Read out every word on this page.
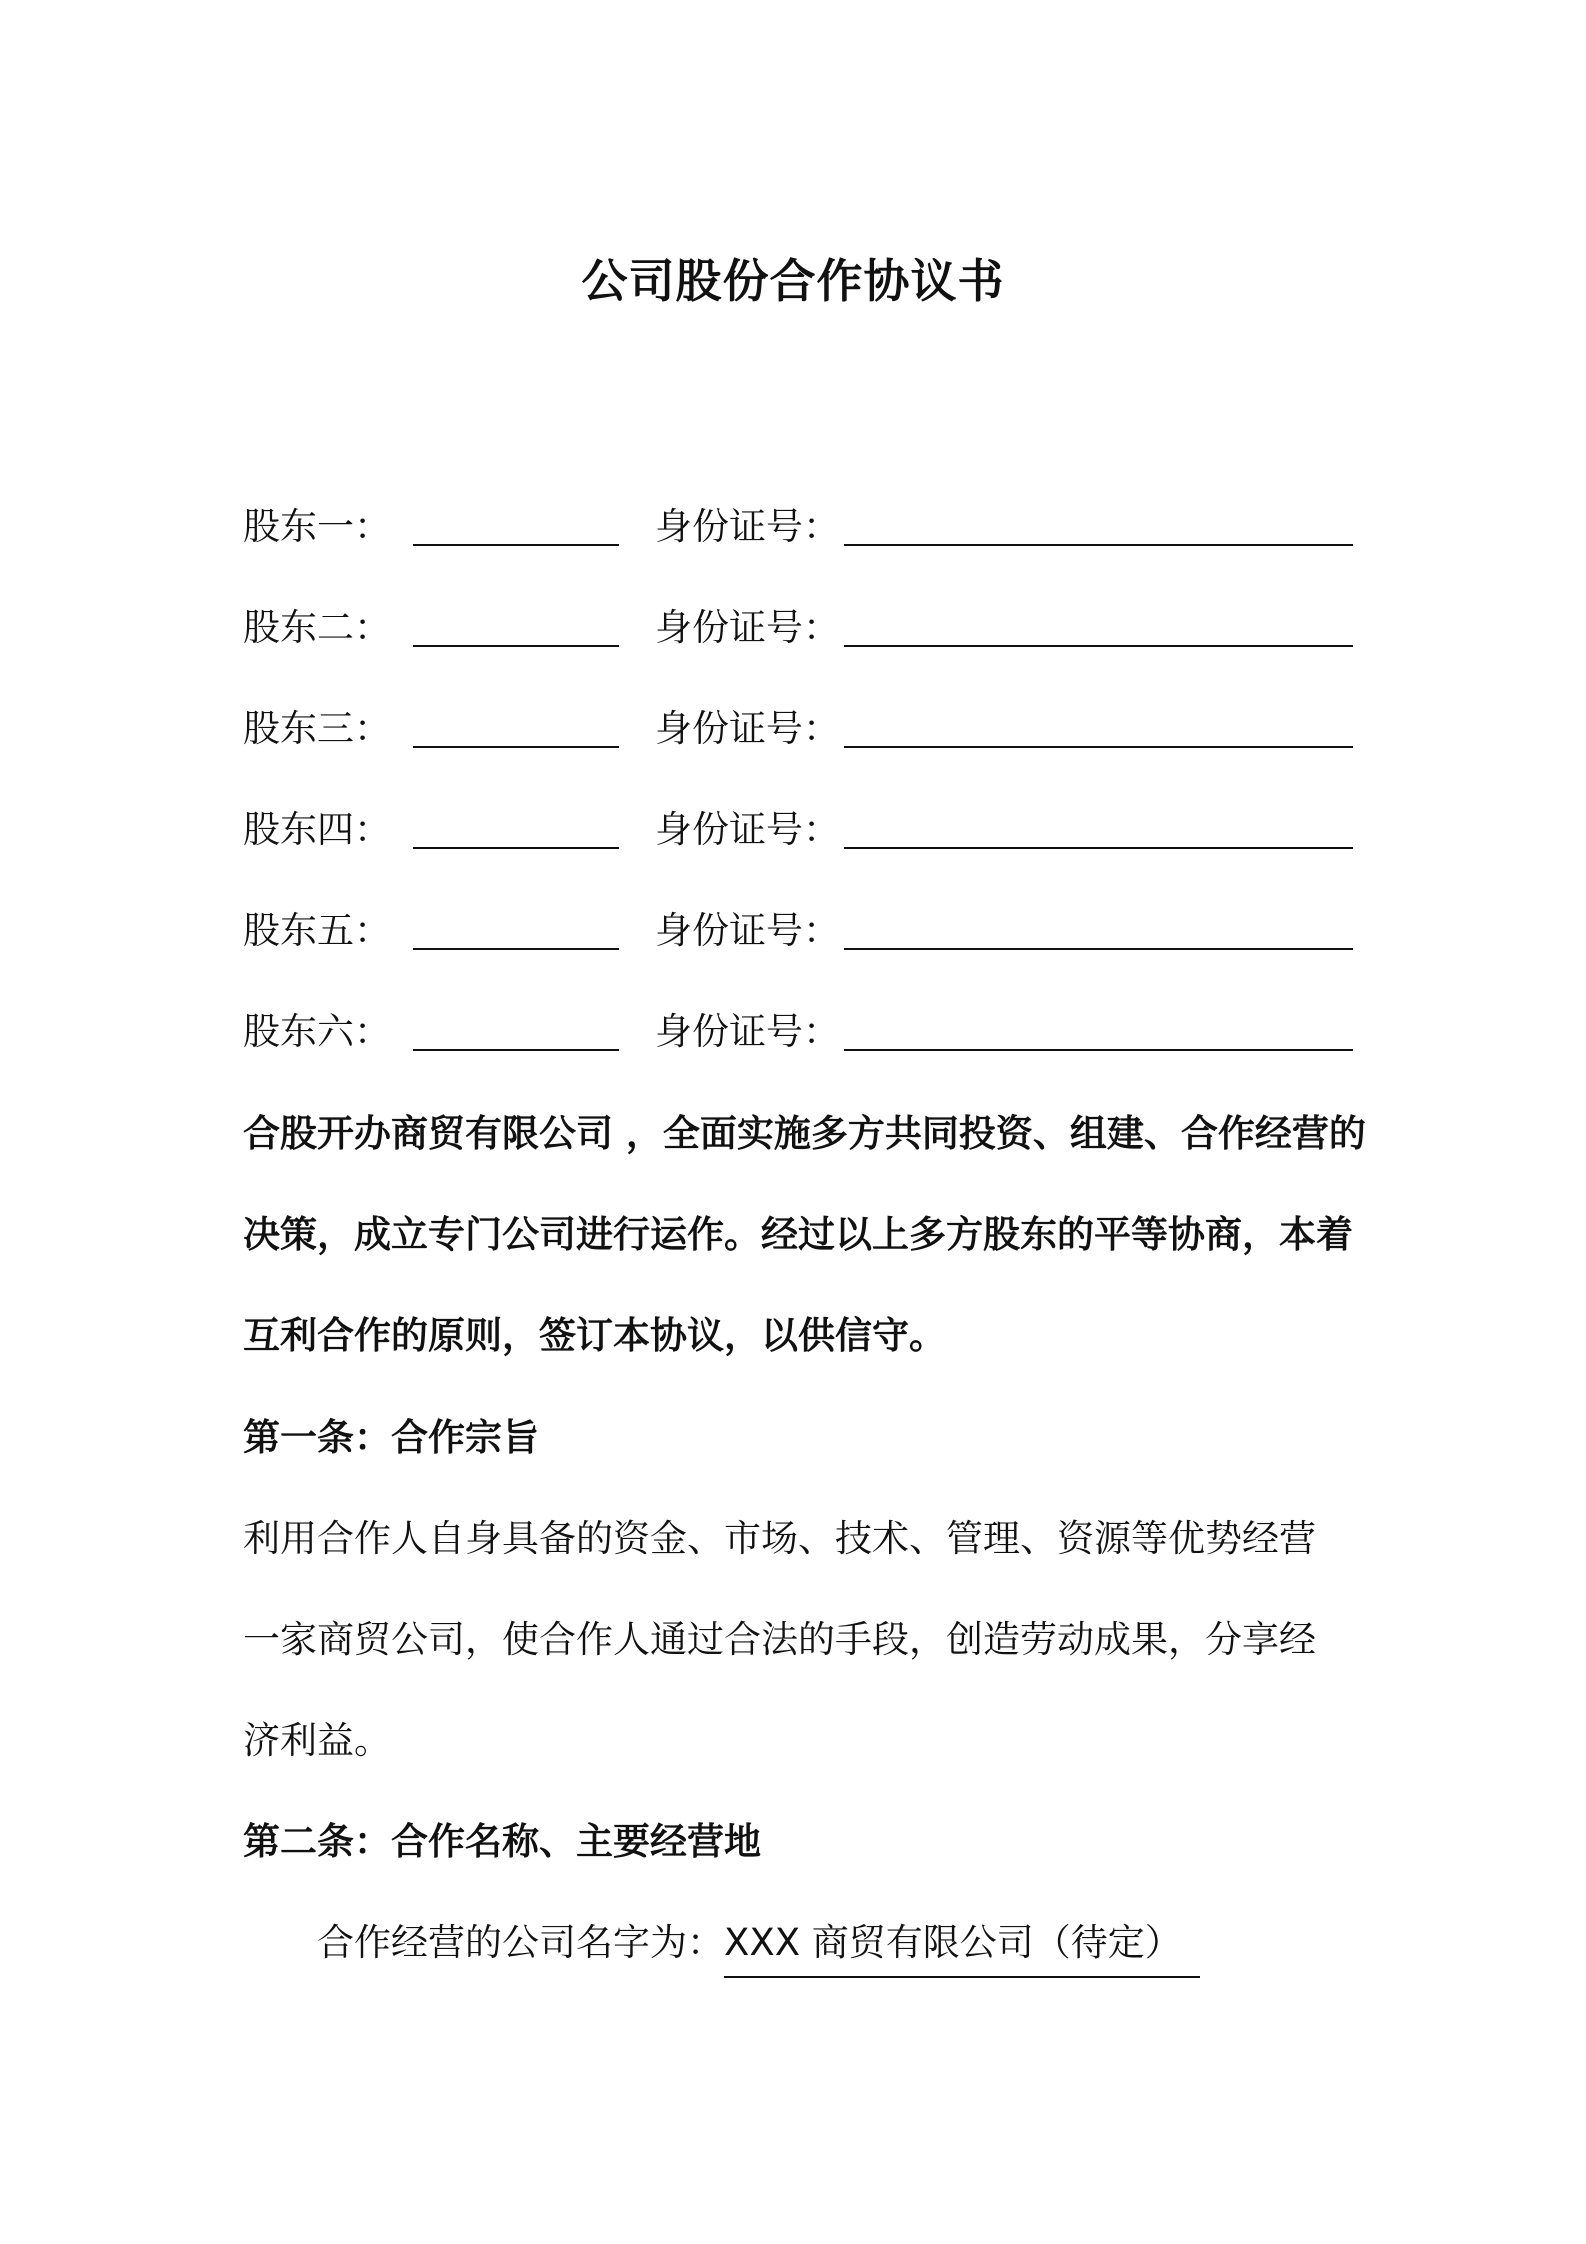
公司股份合作协议书
股东一：	身份证号：
股东二：	身份证号：
股东三：	身份证号：
股东四：	身份证号：
股东五：	身份证号：
股东六：	身份证号：
合股开办商贸有限公司 ，全面实施多方共同投资、组建、合作经营的
决策，成立专门公司进行运作。经过以上多方股东的平等协商，本着
互利合作的原则，签订本协议，以供信守。
第一条：合作宗旨
利用合作人自身具备的资金、市场、技术、管理、资源等优势经营
一家商贸公司，使合作人通过合法的手段，创造劳动成果，分享经
济利益。
第二条：合作名称、主要经营地
合作经营的公司名字为：XXX 商贸有限公司（待定）
